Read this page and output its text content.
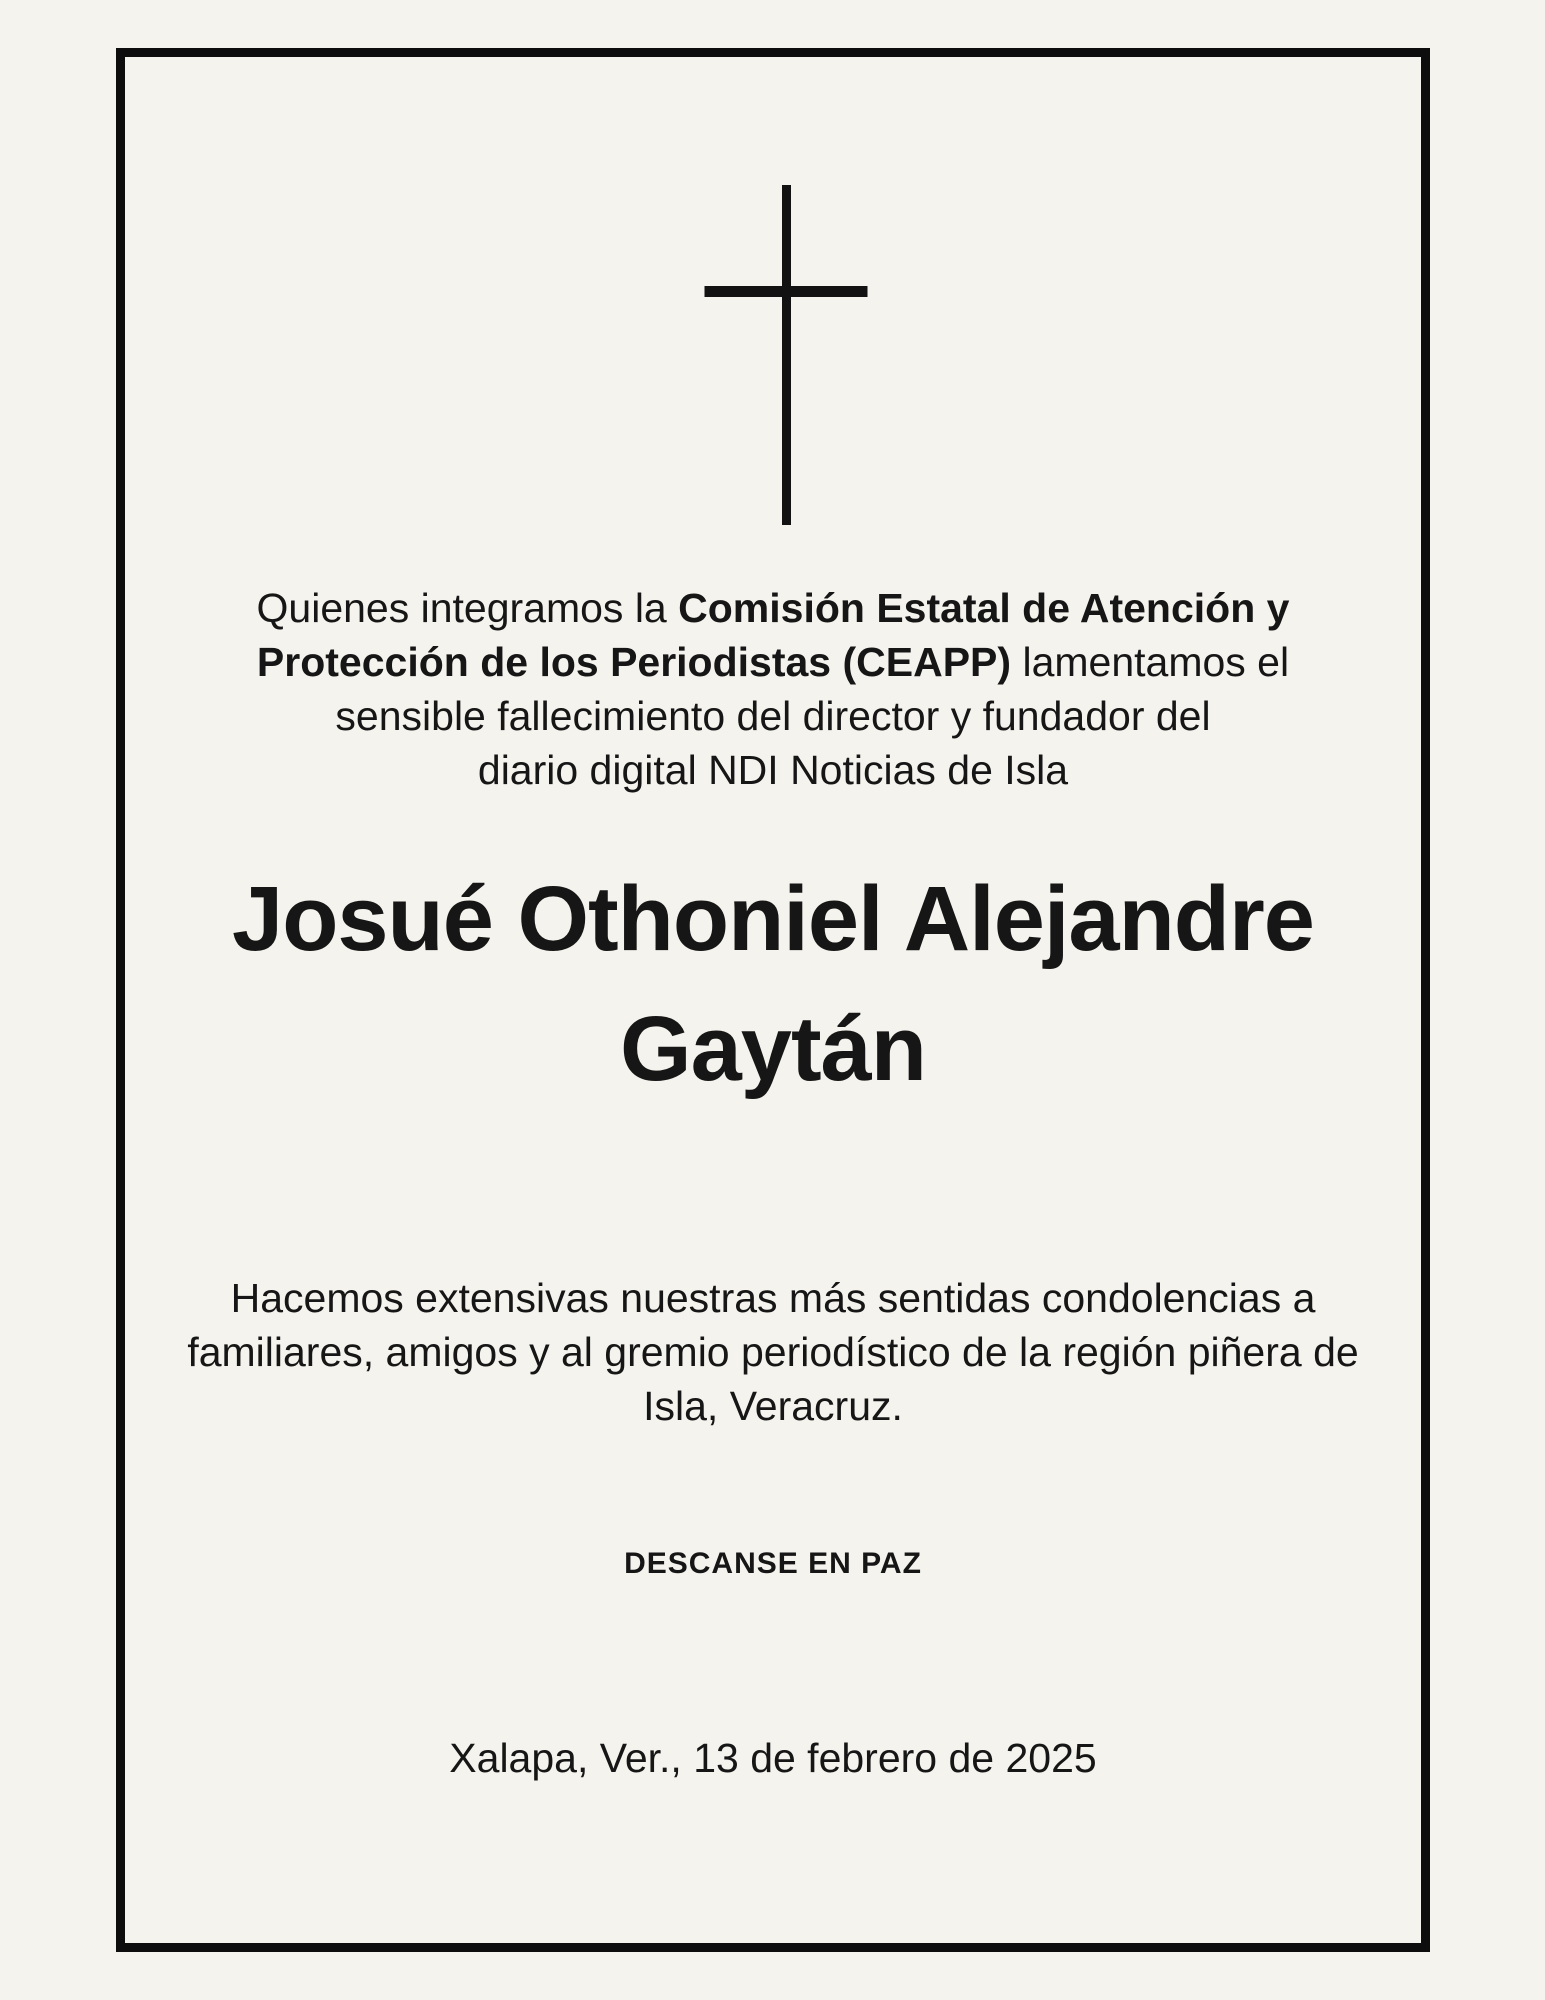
Quienes integramos la Comisión Estatal de Atención y
Protección de los Periodistas (CEAPP) lamentamos el
sensible fallecimiento del director y fundador del
diario digital NDI Noticias de Isla

Josué Othoniel Alejandre
Gaytán

Hacemos extensivas nuestras más sentidas condolencias a
familiares, amigos y al gremio periodístico de la región piñera de
Isla, Veracruz.

DESCANSE EN PAZ

Xalapa, Ver., 13 de febrero de 2025
